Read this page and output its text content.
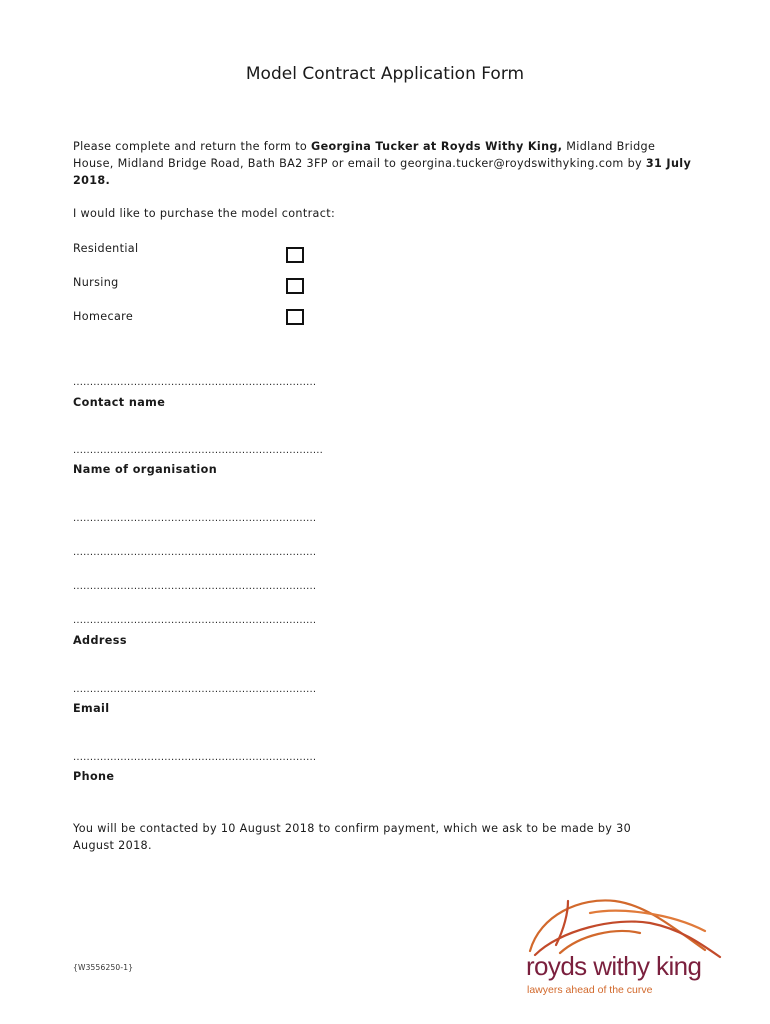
Model Contract Application Form
Please complete and return the form to Georgina Tucker at Royds Withy King, Midland Bridge House, Midland Bridge Road, Bath BA2 3FP or email to georgina.tucker@roydswithyking.com by 31 July 2018.
I would like to purchase the model contract:
Residential
Nursing
Homecare
........................................................................
Contact name
..........................................................................
Name of organisation
........................................................................
........................................................................
........................................................................
........................................................................
Address
........................................................................
Email
........................................................................
Phone
You will be contacted by 10 August 2018 to confirm payment, which we ask to be made by 30 August 2018.
{W3556250-1}	royds withy king
lawyers ahead of the curve
